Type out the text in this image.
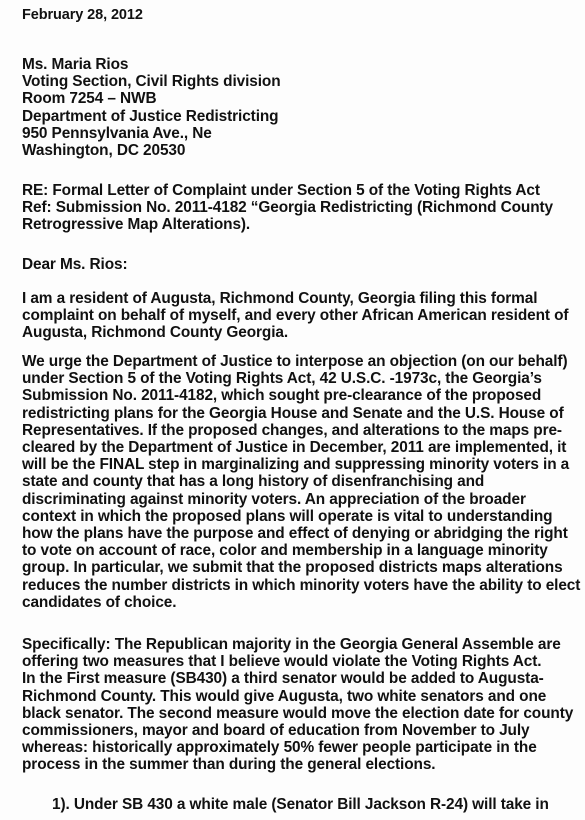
February 28, 2012
Ms. Maria Rios
Voting Section, Civil Rights division
Room 7254 – NWB
Department of Justice Redistricting
950 Pennsylvania Ave., Ne
Washington, DC 20530
RE: Formal Letter of Complaint under Section 5 of the Voting Rights Act
Ref: Submission No. 2011-4182 “Georgia Redistricting (Richmond County
Retrogressive Map Alterations).
Dear Ms. Rios:
I am a resident of Augusta, Richmond County, Georgia filing this formal
complaint on behalf of myself, and every other African American resident of
Augusta, Richmond County Georgia.
We urge the Department of Justice to interpose an objection (on our behalf)
under Section 5 of the Voting Rights Act, 42 U.S.C. -1973c, the Georgia’s
Submission No. 2011-4182, which sought pre-clearance of the proposed
redistricting plans for the Georgia House and Senate and the U.S. House of
Representatives. If the proposed changes, and alterations to the maps pre-
cleared by the Department of Justice in December, 2011 are implemented, it
will be the FINAL step in marginalizing and suppressing minority voters in a
state and county that has a long history of disenfranchising and
discriminating against minority voters. An appreciation of the broader
context in which the proposed plans will operate is vital to understanding
how the plans have the purpose and effect of denying or abridging the right
to vote on account of race, color and membership in a language minority
group. In particular, we submit that the proposed districts maps alterations
reduces the number districts in which minority voters have the ability to elect
candidates of choice.
Specifically: The Republican majority in the Georgia General Assemble are
offering two measures that I believe would violate the Voting Rights Act.
In the First measure (SB430) a third senator would be added to Augusta-
Richmond County. This would give Augusta, two white senators and one
black senator. The second measure would move the election date for county
commissioners, mayor and board of education from November to July
whereas: historically approximately 50% fewer people participate in the
process in the summer than during the general elections.
1). Under SB 430 a white male (Senator Bill Jackson R-24) will take in
